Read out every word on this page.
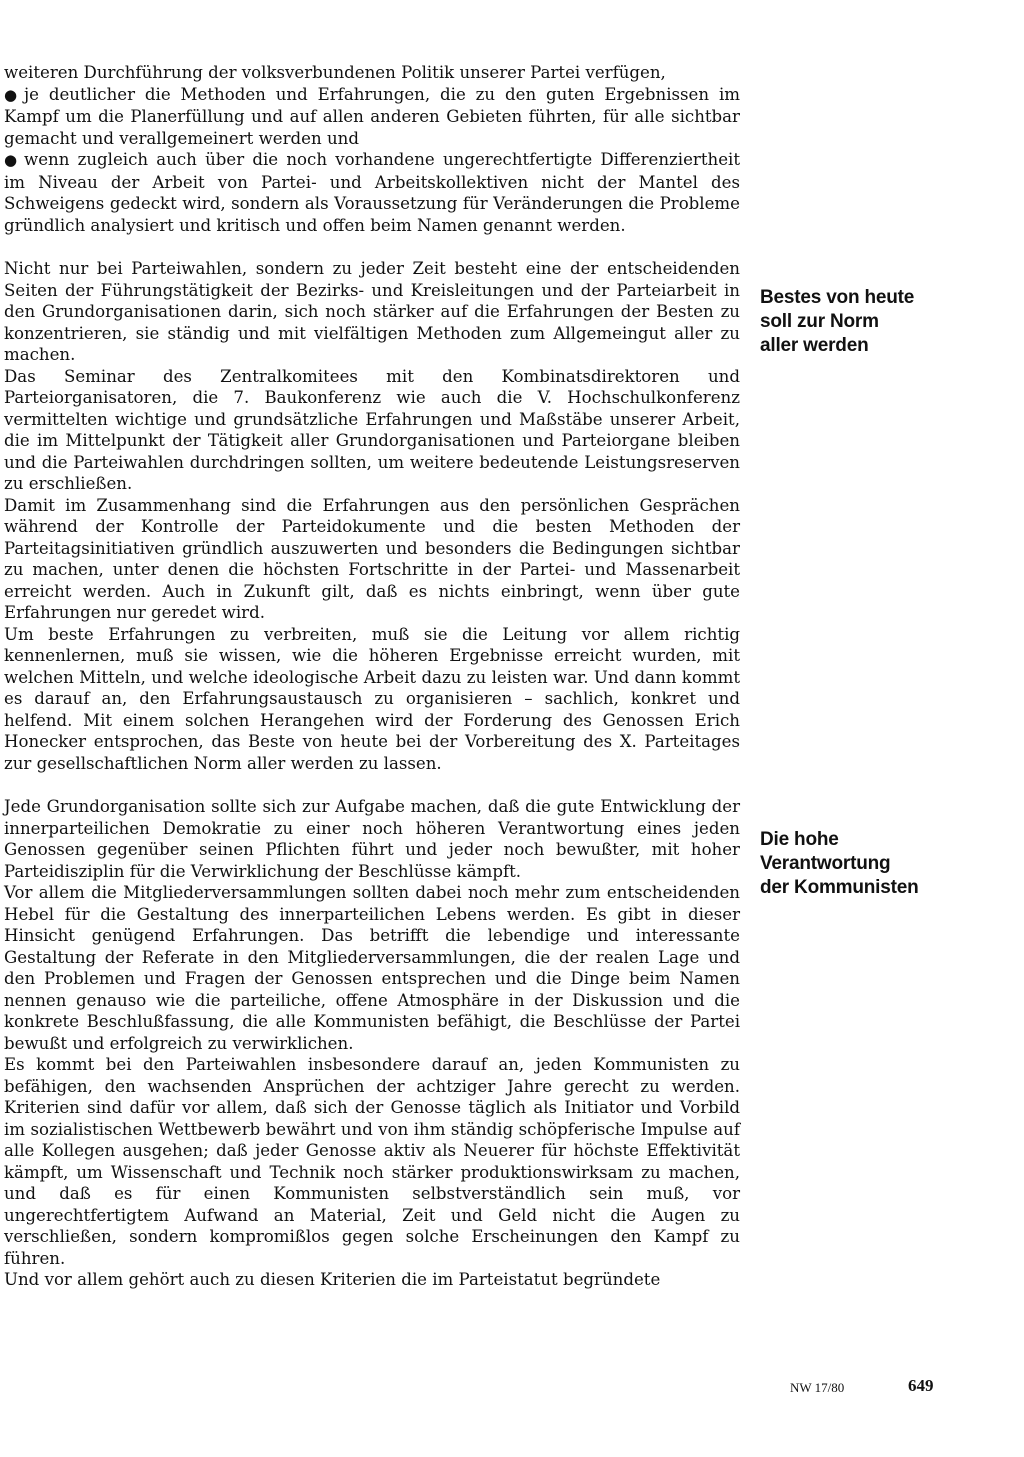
weiteren Durchführung der volksverbundenen Politik unserer Partei verfügen,

● je deutlicher die Methoden und Erfahrungen, die zu den guten Ergebnissen im Kampf um die Planerfüllung und auf allen anderen Gebieten führten, für alle sichtbar gemacht und verallgemeinert werden und

● wenn zugleich auch über die noch vorhandene ungerechtfertigte Differenziertheit im Niveau der Arbeit von Partei- und Arbeitskollektiven nicht der Mantel des Schweigens gedeckt wird, sondern als Voraussetzung für Veränderungen die Probleme gründlich analysiert und kritisch und offen beim Namen genannt werden.

Nicht nur bei Parteiwahlen, sondern zu jeder Zeit besteht eine der entscheidenden Seiten der Führungstätigkeit der Bezirks- und Kreisleitungen und der Parteiarbeit in den Grundorganisationen darin, sich noch stärker auf die Erfahrungen der Besten zu konzentrieren, sie ständig und mit vielfältigen Methoden zum Allgemeingut aller zu machen.

Das Seminar des Zentralkomitees mit den Kombinatsdirektoren und Parteiorganisatoren, die 7. Baukonferenz wie auch die V. Hochschulkonferenz vermittelten wichtige und grundsätzliche Erfahrungen und Maßstäbe unserer Arbeit, die im Mittelpunkt der Tätigkeit aller Grundorganisationen und Parteiorgane bleiben und die Parteiwahlen durchdringen sollten, um weitere bedeutende Leistungsreserven zu erschließen.

Damit im Zusammenhang sind die Erfahrungen aus den persönlichen Gesprächen während der Kontrolle der Parteidokumente und die besten Methoden der Parteitagsinitiativen gründlich auszuwerten und besonders die Bedingungen sichtbar zu machen, unter denen die höchsten Fortschritte in der Partei- und Massenarbeit erreicht werden. Auch in Zukunft gilt, daß es nichts einbringt, wenn über gute Erfahrungen nur geredet wird.

Um beste Erfahrungen zu verbreiten, muß sie die Leitung vor allem richtig kennenlernen, muß sie wissen, wie die höheren Ergebnisse erreicht wurden, mit welchen Mitteln, und welche ideologische Arbeit dazu zu leisten war. Und dann kommt es darauf an, den Erfahrungsaustausch zu organisieren – sachlich, konkret und helfend. Mit einem solchen Herangehen wird der Forderung des Genossen Erich Honecker entsprochen, das Beste von heute bei der Vorbereitung des X. Parteitages zur gesellschaftlichen Norm aller werden zu lassen.

Jede Grundorganisation sollte sich zur Aufgabe machen, daß die gute Entwicklung der innerparteilichen Demokratie zu einer noch höheren Verantwortung eines jeden Genossen gegenüber seinen Pflichten führt und jeder noch bewußter, mit hoher Parteidisziplin für die Verwirklichung der Beschlüsse kämpft.

Vor allem die Mitgliederversammlungen sollten dabei noch mehr zum entscheidenden Hebel für die Gestaltung des innerparteilichen Lebens werden. Es gibt in dieser Hinsicht genügend Erfahrungen. Das betrifft die lebendige und interessante Gestaltung der Referate in den Mitgliederversammlungen, die der realen Lage und den Problemen und Fragen der Genossen entsprechen und die Dinge beim Namen nennen genauso wie die parteiliche, offene Atmosphäre in der Diskussion und die konkrete Beschlußfassung, die alle Kommunisten befähigt, die Beschlüsse der Partei bewußt und erfolgreich zu verwirklichen.

Es kommt bei den Parteiwahlen insbesondere darauf an, jeden Kommunisten zu befähigen, den wachsenden Ansprüchen der achtziger Jahre gerecht zu werden. Kriterien sind dafür vor allem, daß sich der Genosse täglich als Initiator und Vorbild im sozialistischen Wettbewerb bewährt und von ihm ständig schöpferische Impulse auf alle Kollegen ausgehen; daß jeder Genosse aktiv als Neuerer für höchste Effektivität kämpft, um Wissenschaft und Technik noch stärker produktionswirksam zu machen, und daß es für einen Kommunisten selbstverständlich sein muß, vor ungerechtfertigtem Aufwand an Material, Zeit und Geld nicht die Augen zu verschließen, sondern kompromißlos gegen solche Erscheinungen den Kampf zu führen.

Und vor allem gehört auch zu diesen Kriterien die im Parteistatut begründete

Bestes von heute
soll zur Norm
aller werden
Die hohe
Verantwortung
der Kommunisten
NW 17/80	649
